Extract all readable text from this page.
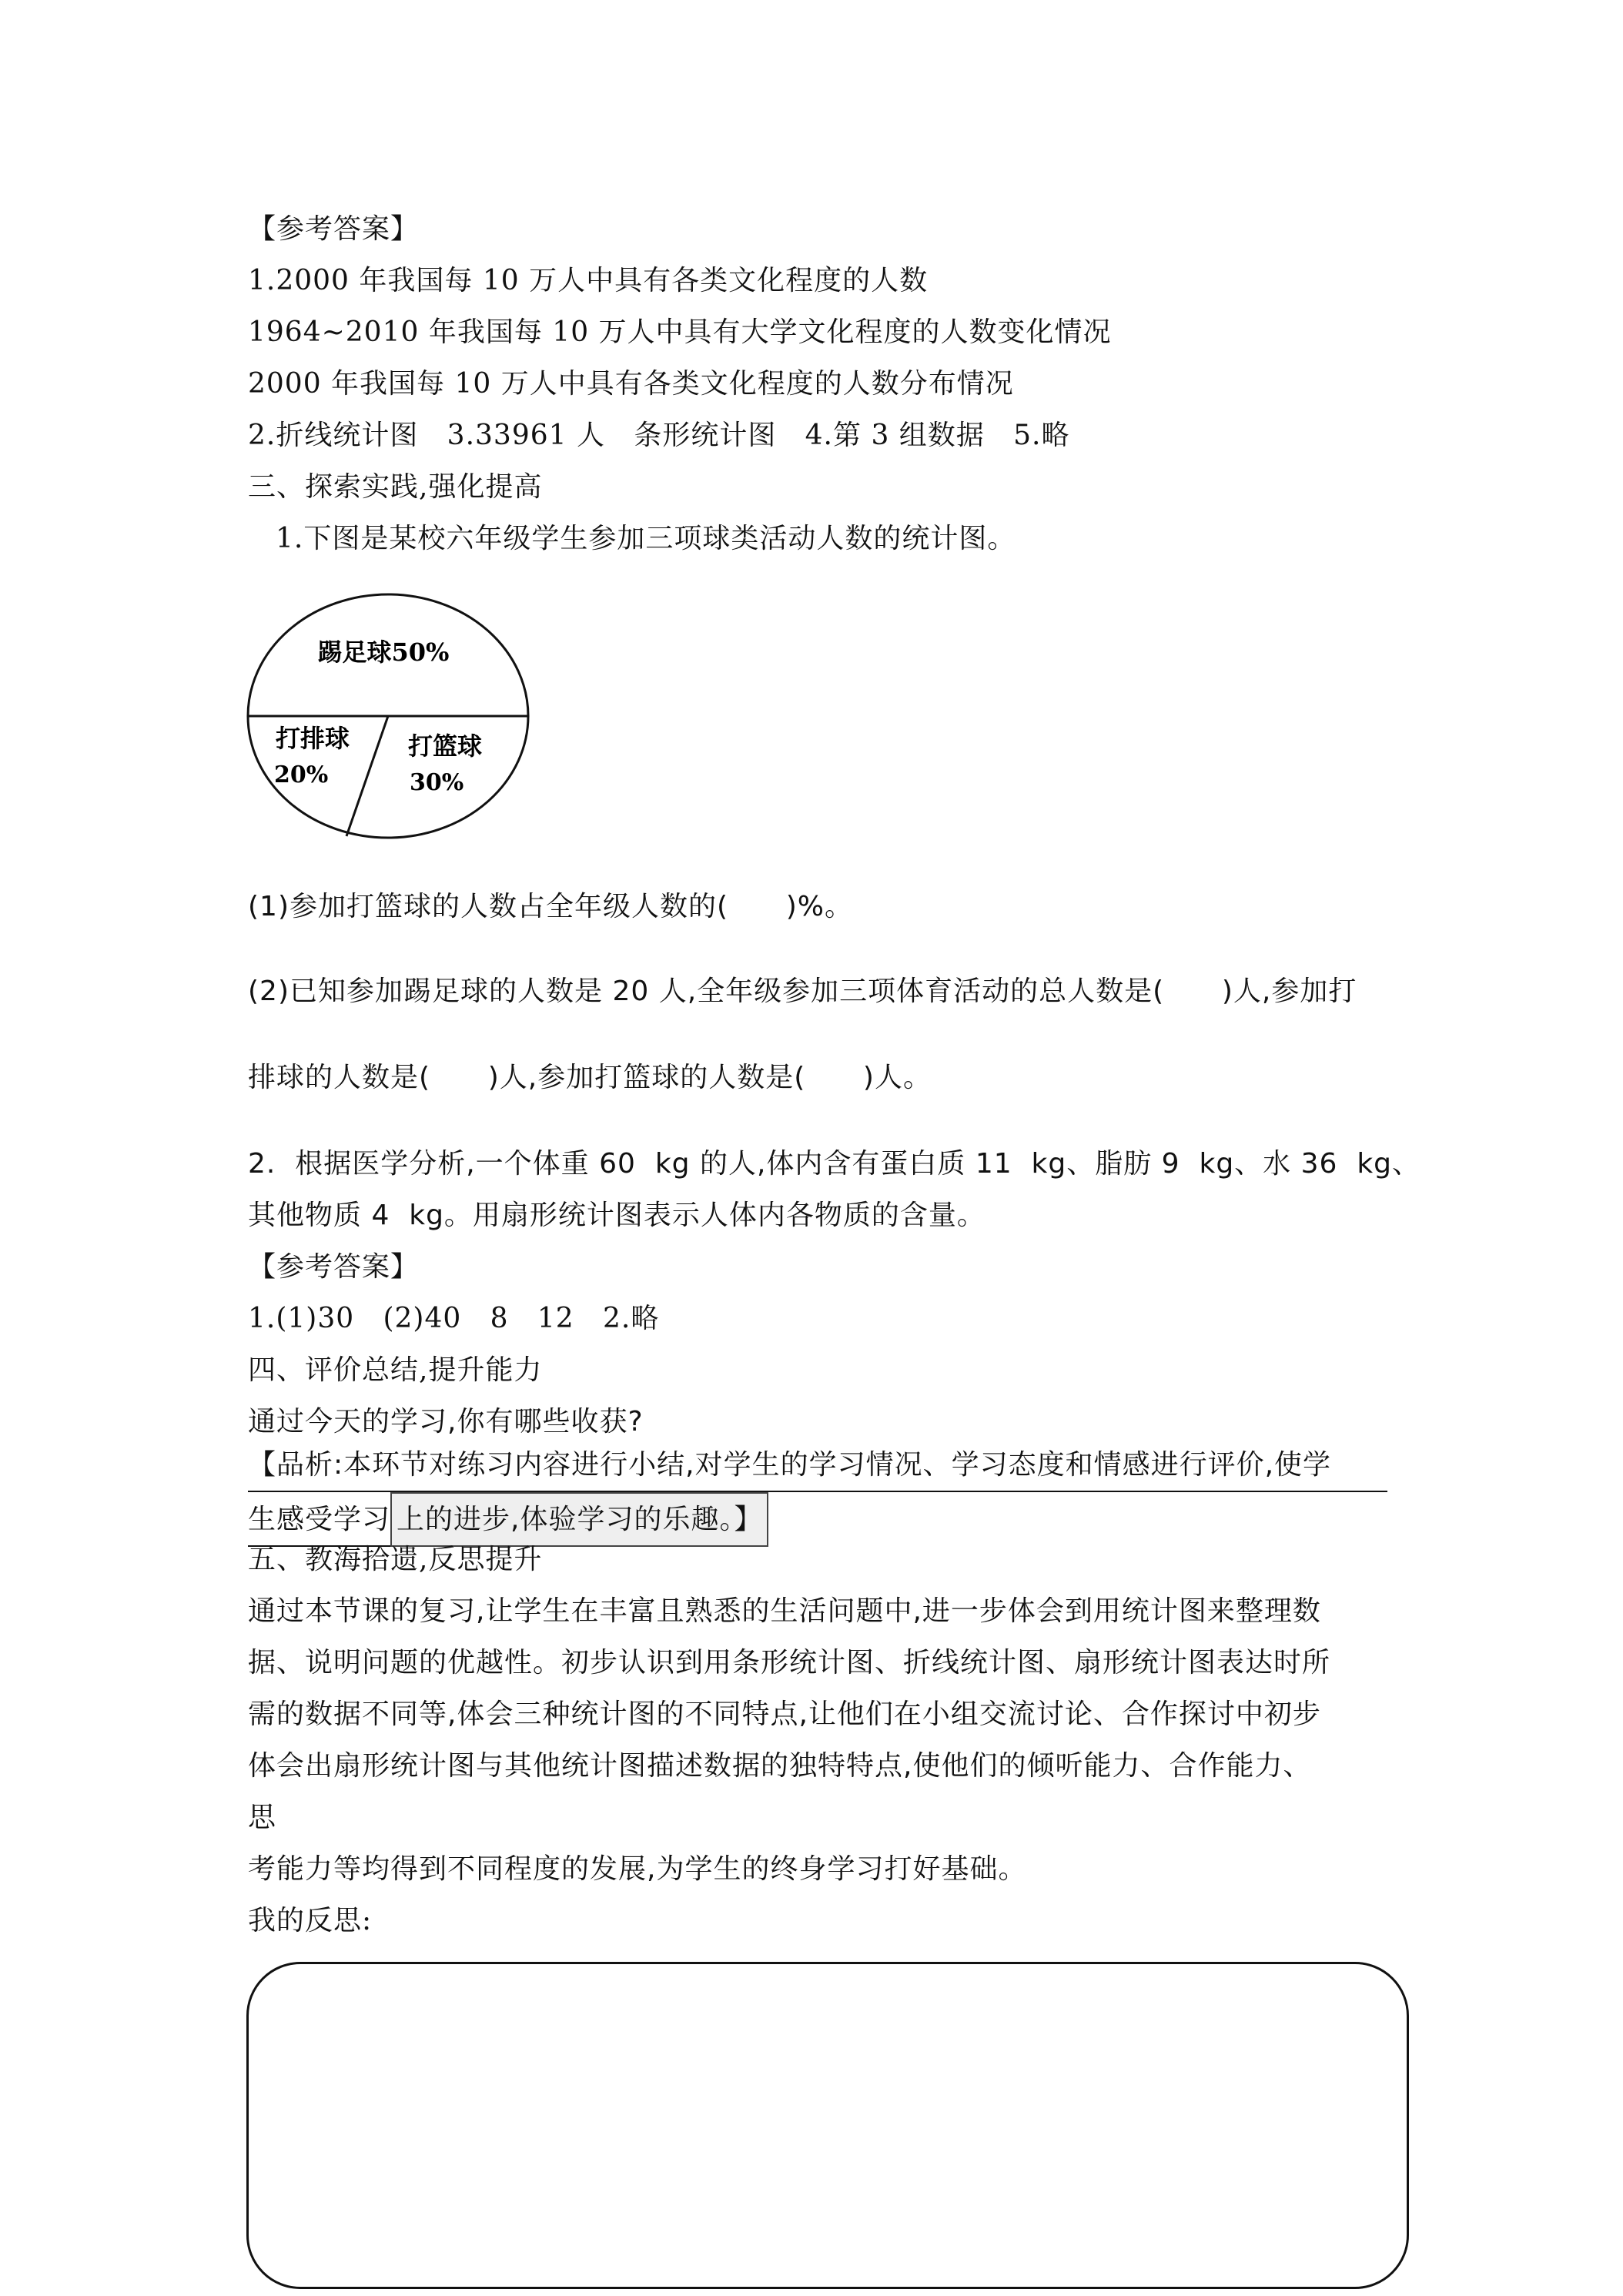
【参考答案】
1.2000 年我国每 10 万人中具有各类文化程度的人数
1964~2010 年我国每 10 万人中具有大学文化程度的人数变化情况
2000 年我国每 10 万人中具有各类文化程度的人数分布情况
2.折线统计图   3.33961 人   条形统计图   4.第 3 组数据   5.略
三、探索实践,强化提高
1.下图是某校六年级学生参加三项球类活动人数的统计图。
踢足球50%
打排球
20%
打篮球
30%
(1)参加打篮球的人数占全年级人数的(      )%。
(2)已知参加踢足球的人数是 20 人,全年级参加三项体育活动的总人数是(      )人,参加打
排球的人数是(      )人,参加打篮球的人数是(      )人。
2.  根据医学分析,一个体重 60  kg 的人,体内含有蛋白质 11  kg、脂肪 9  kg、水 36  kg、
其他物质 4  kg。用扇形统计图表示人体内各物质的含量。
【参考答案】
1.(1)30   (2)40   8   12   2.略
四、评价总结,提升能力
通过今天的学习,你有哪些收获?
【品析:本环节对练习内容进行小结,对学生的学习情况、学习态度和情感进行评价,使学
生感受学习 上的进步,体验学习的乐趣。】
五、教海拾遗,反思提升
通过本节课的复习,让学生在丰富且熟悉的生活问题中,进一步体会到用统计图来整理数
据、说明问题的优越性。初步认识到用条形统计图、折线统计图、扇形统计图表达时所
需的数据不同等,体会三种统计图的不同特点,让他们在小组交流讨论、合作探讨中初步
体会出扇形统计图与其他统计图描述数据的独特特点,使他们的倾听能力、合作能力、
思
考能力等均得到不同程度的发展,为学生的终身学习打好基础。
我的反思:
